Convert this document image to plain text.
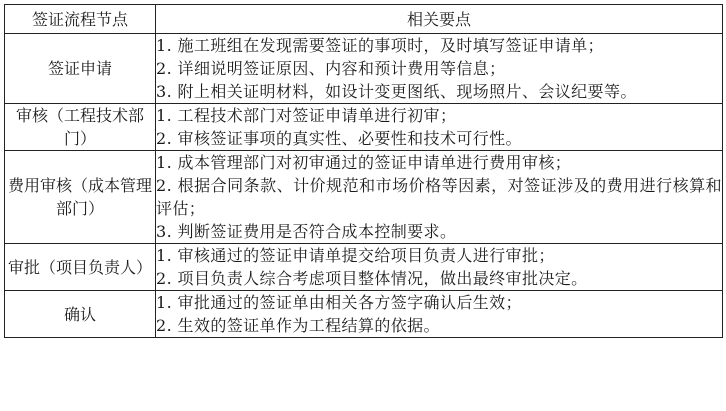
签证流程节点	相关要点
签证申请	1. 施工班组在发现需要签证的事项时，及时填写签证申请单；
2. 详细说明签证原因、内容和预计费用等信息；
3. 附上相关证明材料，如设计变更图纸、现场照片、会议纪要等。

审核（工程技术部门）	1. 工程技术部门对签证申请单进行初审；
2. 审核签证事项的真实性、必要性和技术可行性。

费用审核（成本管理部门）	1. 成本管理部门对初审通过的签证申请单进行费用审核；
2. 根据合同条款、计价规范和市场价格等因素，对签证涉及的费用进行核算和评估；
3. 判断签证费用是否符合成本控制要求。

审批（项目负责人）	1. 审核通过的签证申请单提交给项目负责人进行审批；
2. 项目负责人综合考虑项目整体情况，做出最终审批决定。

确认	1. 审批通过的签证单由相关各方签字确认后生效；
2. 生效的签证单作为工程结算的依据。
